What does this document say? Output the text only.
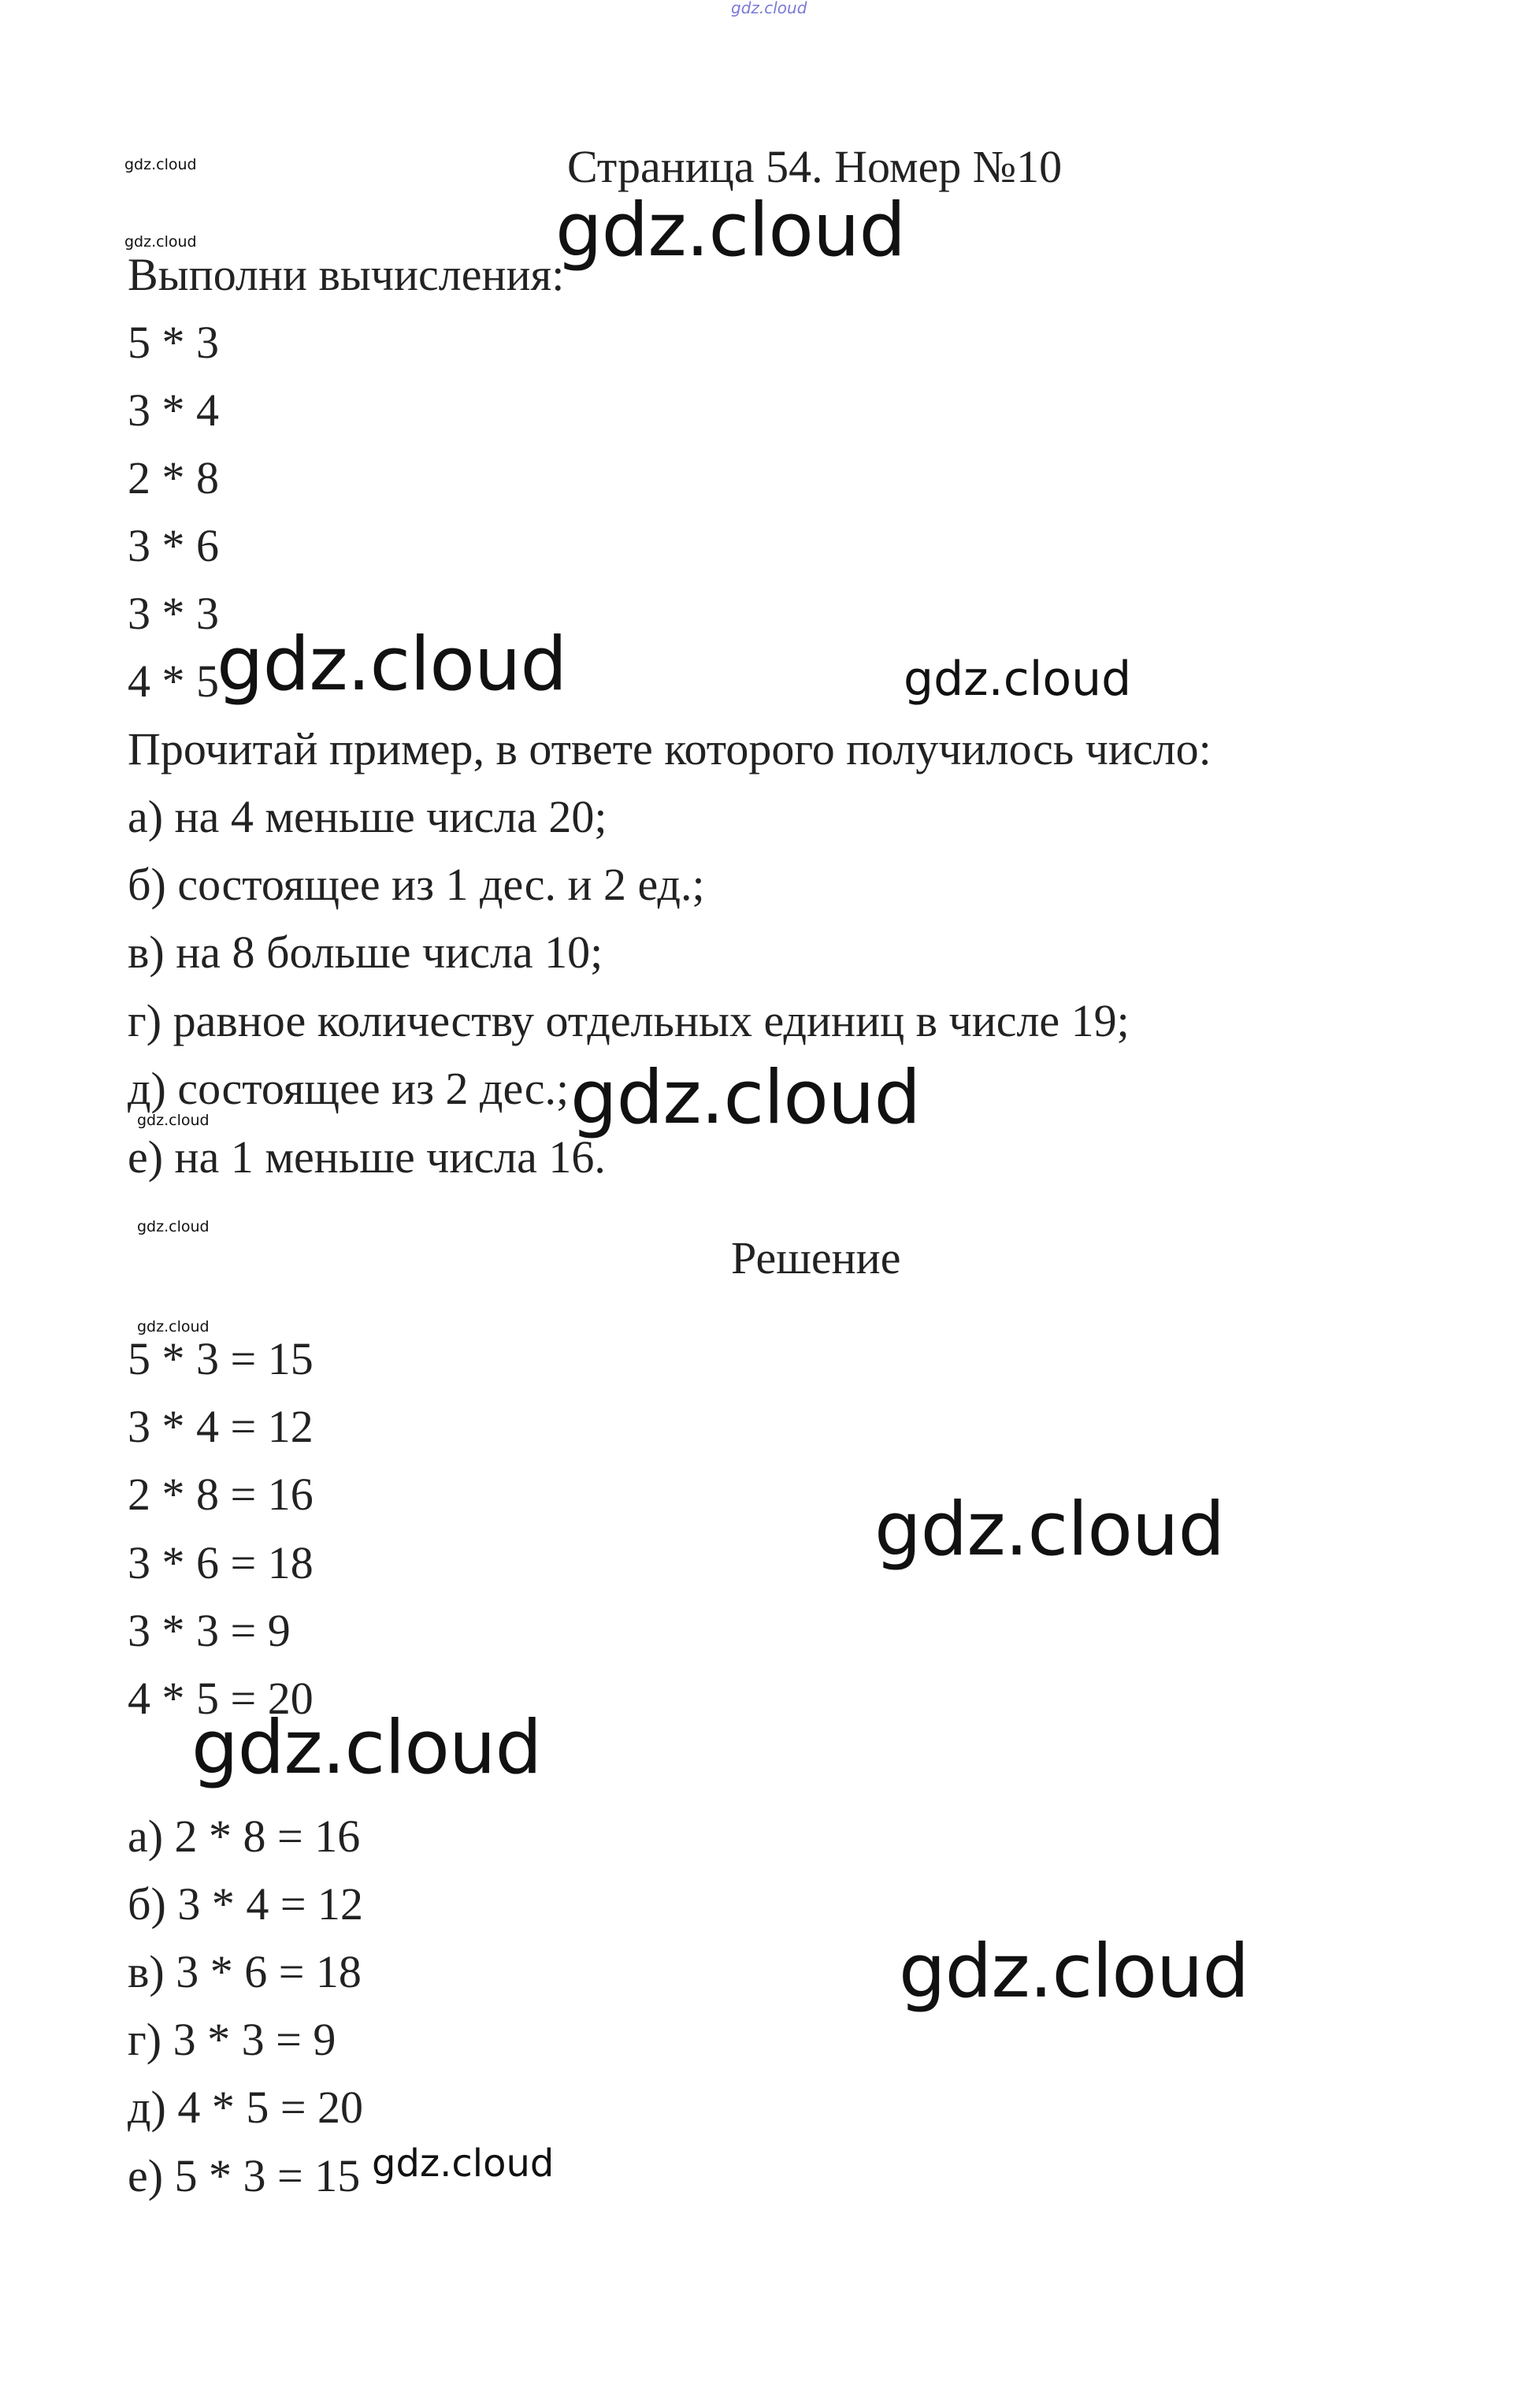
gdz.cloud
Страница 54. Номер №10
Выполни вычисления:
5 * 3
3 * 4
2 * 8
3 * 6
3 * 3
4 * 5
Прочитай пример, в ответе которого получилось число:
а) на 4 меньше числа 20;
б) состоящее из 1 дес. и 2 ед.;
в) на 8 больше числа 10;
г) равное количеству отдельных единиц в числе 19;
д) состоящее из 2 дес.;
е) на 1 меньше числа 16.
Решение
5 * 3 = 15
3 * 4 = 12
2 * 8 = 16
3 * 6 = 18
3 * 3 = 9
4 * 5 = 20
а) 2 * 8 = 16
б) 3 * 4 = 12
в) 3 * 6 = 18
г) 3 * 3 = 9
д) 4 * 5 = 20
е) 5 * 3 = 15
gdz.cloud
gdz.cloud	gdz.cloud
gdz.cloud	gdz.cloud
gdz.cloud
gdz.cloud
gdz.cloud
gdz.cloud
gdz.cloud
gdz.cloud
gdz.cloud
gdz.cloud
